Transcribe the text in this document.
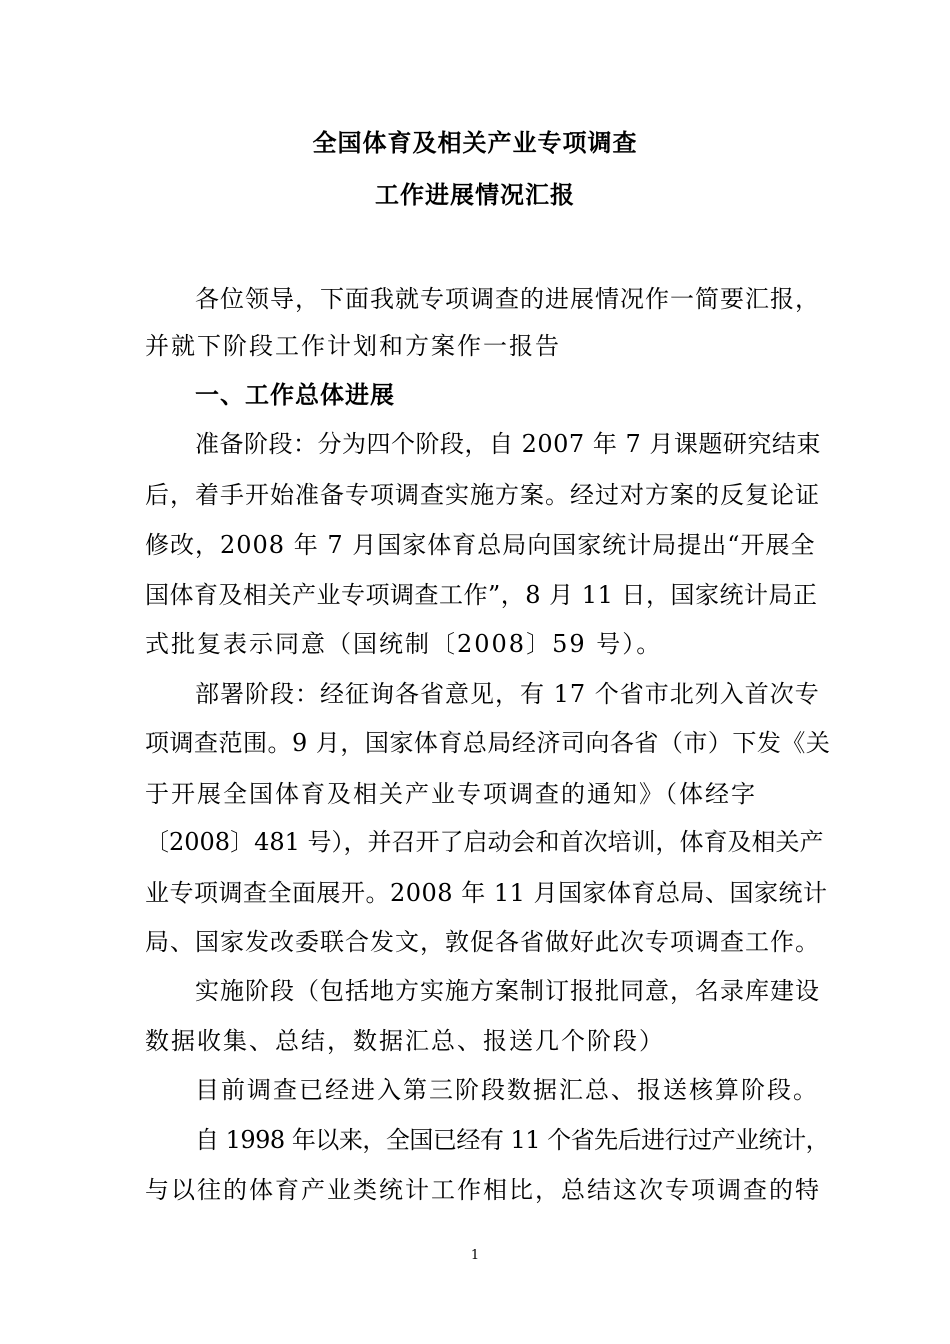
全国体育及相关产业专项调查
工作进展情况汇报
各位领导，下面我就专项调查的进展情况作一简要汇报，
并就下阶段工作计划和方案作一报告
一、工作总体进展
准备阶段：分为四个阶段，自 2007 年 7 月课题研究结束
后，着手开始准备专项调查实施方案。经过对方案的反复论证
修改，2008 年 7 月国家体育总局向国家统计局提出“开展全
国体育及相关产业专项调查工作”，8 月 11 日，国家统计局正
式批复表示同意（国统制〔2008〕59 号）。
部署阶段：经征询各省意见，有 17 个省市北列入首次专
项调查范围。9 月，国家体育总局经济司向各省（市）下发《关
于开展全国体育及相关产业专项调查的通知》（体经字
〔2008〕481 号），并召开了启动会和首次培训，体育及相关产
业专项调查全面展开。2008 年 11 月国家体育总局、国家统计
局、国家发改委联合发文，敦促各省做好此次专项调查工作。
实施阶段（包括地方实施方案制订报批同意，名录库建设
数据收集、总结，数据汇总、报送几个阶段）
目前调查已经进入第三阶段数据汇总、报送核算阶段。
自 1998 年以来，全国已经有 11 个省先后进行过产业统计，
与以往的体育产业类统计工作相比，总结这次专项调查的特
1
